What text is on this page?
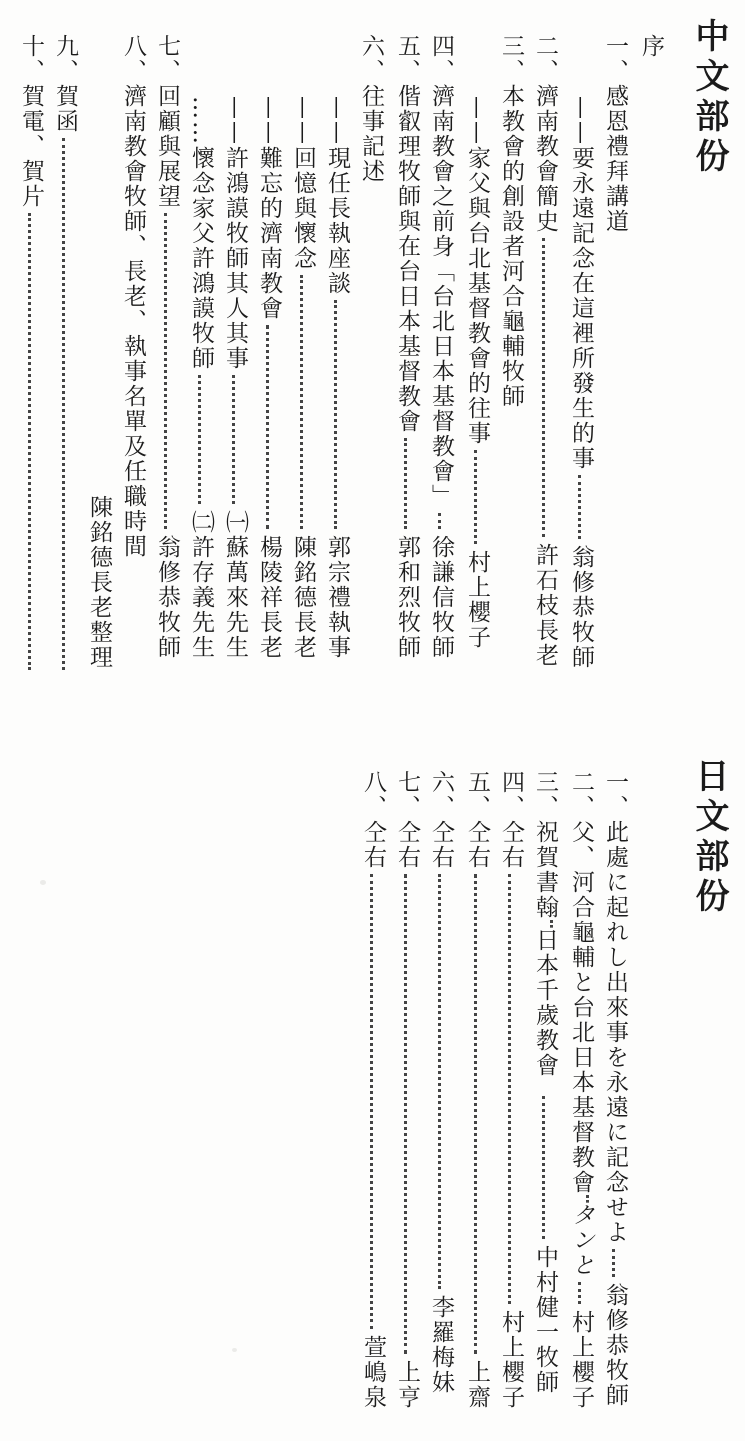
中文部份
日文部份
序
一、感恩禮拜講道
——要永遠記念在這裡所發生的事
翁修恭牧師
二、濟南教會簡史
許石枝長老
三、本教會的創設者河合龜輔牧師
——家父與台北基督教會的往事
村上櫻子
四、濟南教會之前身「台北日本基督教會」
徐謙信牧師
五、偕叡理牧師與在台日本基督教會
郭和烈牧師
六、往事記述
——現任長執座談
郭宗禮執事
——回憶與懷念
陳銘德長老
——難忘的濟南教會
楊陵祥長老
——許鴻謨牧師其人其事
㈠蘇萬來先生
……懷念家父許鴻謨牧師
㈡許存義先生
七、回顧與展望
翁修恭牧師
八、濟南教會牧師、長老、執事名單及任職時間
陳銘德長老整理
九、賀函
十、賀電、賀片
一、此處に起れし出來事を永遠に記念せよ
翁修恭牧師
二、父、河合龜輔と台北日本基督教會タンと
村上櫻子
三、祝賀書翰日本千歲教會
中村健一牧師
四、仝右
村上櫻子
五、仝右
上齋
六、仝右
李羅梅妹
七、仝右
上亨
八、仝右
萱嶋泉
